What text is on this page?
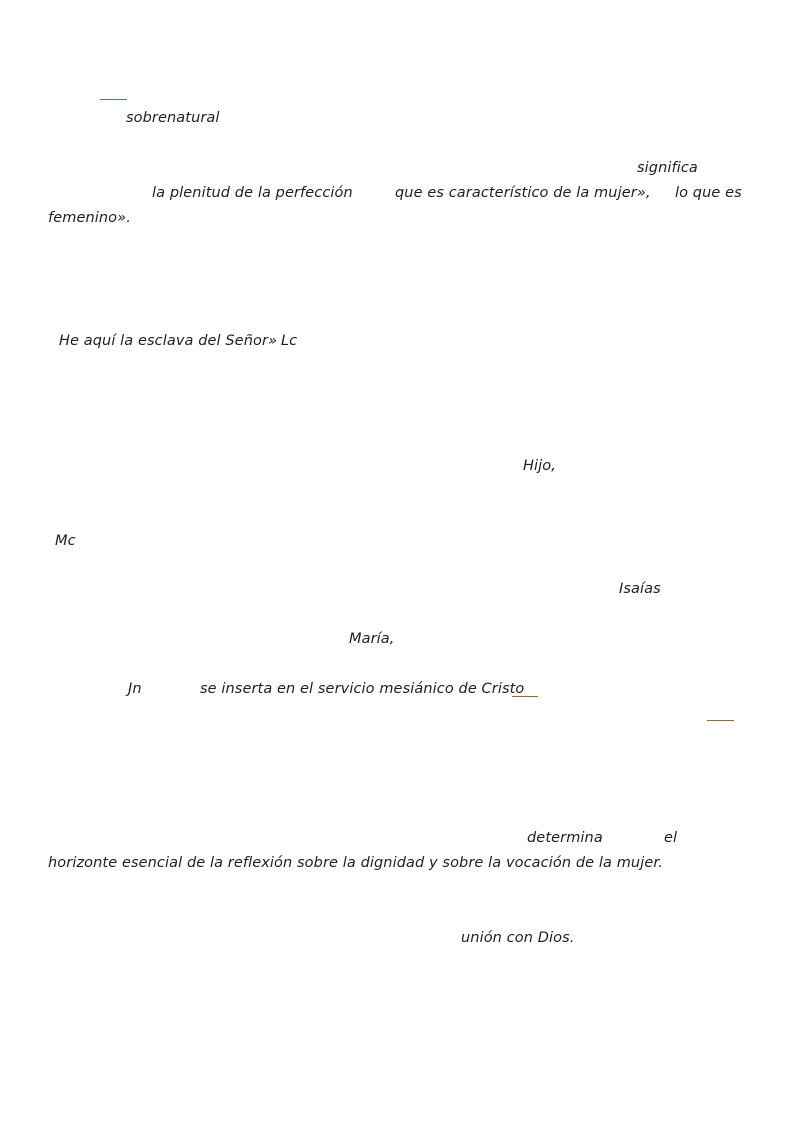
sobrenatural
significa
la plenitud de la perfección	que es característico de la mujer», lo que es
femenino».
He aquí la esclava del Señor» Lc
Hijo,
Mc
Isaías
María,
Jn	se inserta en el servicio mesiánico de Cristo
determina	el
horizonte esencial de la reflexión sobre la dignidad y sobre la vocación de la mujer.
unión con Dios.
